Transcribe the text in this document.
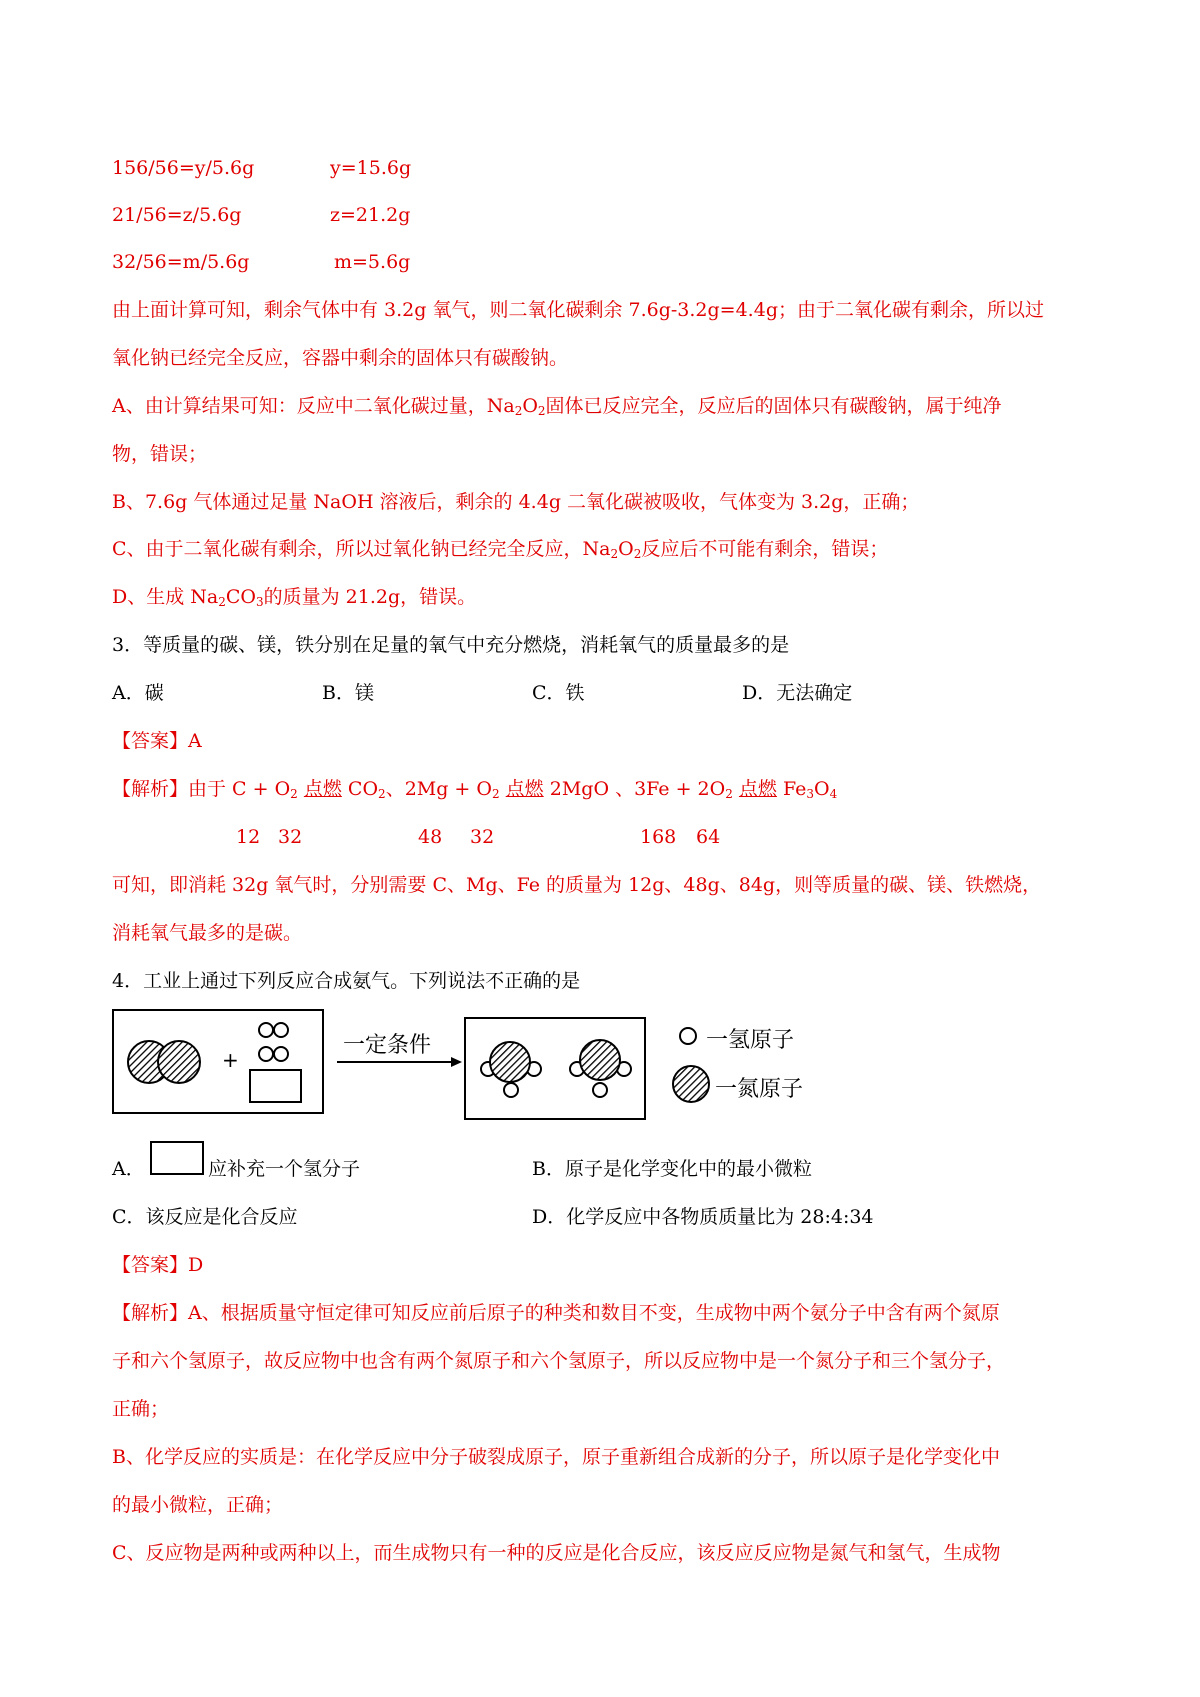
156/56=y/5.6g	y=15.6g
21/56=z/5.6g	z=21.2g
32/56=m/5.6g	m=5.6g
由上面计算可知，剩余气体中有 3.2g 氧气，则二氧化碳剩余 7.6g-3.2g=4.4g；由于二氧化碳有剩余，所以过
氧化钠已经完全反应，容器中剩余的固体只有碳酸钠。
A、由计算结果可知：反应中二氧化碳过量，$Na_2O_2$固体已反应完全，反应后的固体只有碳酸钠，属于纯净
物，错误；
B、7.6g 气体通过足量 NaOH 溶液后，剩余的 4.4g 二氧化碳被吸收，气体变为 3.2g，正确；
C、由于二氧化碳有剩余，所以过氧化钠已经完全反应，$Na_2O_2$反应后不可能有剩余，错误；
D、生成 $Na_2CO_3$的质量为 21.2g，错误。
3．等质量的碳、镁，铁分别在足量的氧气中充分燃烧，消耗氧气的质量最多的是
A．碳	B．镁	C．铁	D．无法确定
【答案】A
【解析】由于 $C + O_2$ 点燃 $CO_2$、$2Mg + O_2$ 点燃 2MgO 、$3Fe + 2O_2$ 点燃 $Fe_3O_4$
12 32	48 32	168 64
可知，即消耗 32g 氧气时，分别需要 C、Mg、Fe 的质量为 12g、48g、84g，则等质量的碳、镁、铁燃烧，
消耗氧气最多的是碳。
4．工业上通过下列反应合成氨气。下列说法不正确的是
+
一定条件	一氢原子
一氮原子
A．	应补充一个氢分子	B．原子是化学变化中的最小微粒
C．该反应是化合反应	D．化学反应中各物质质量比为 28:4:34
【答案】D
【解析】A、根据质量守恒定律可知反应前后原子的种类和数目不变，生成物中两个氨分子中含有两个氮原
子和六个氢原子，故反应物中也含有两个氮原子和六个氢原子，所以反应物中是一个氮分子和三个氢分子，
正确；
B、化学反应的实质是：在化学反应中分子破裂成原子，原子重新组合成新的分子，所以原子是化学变化中
的最小微粒，正确；
C、反应物是两种或两种以上，而生成物只有一种的反应是化合反应，该反应反应物是氮气和氢气，生成物
